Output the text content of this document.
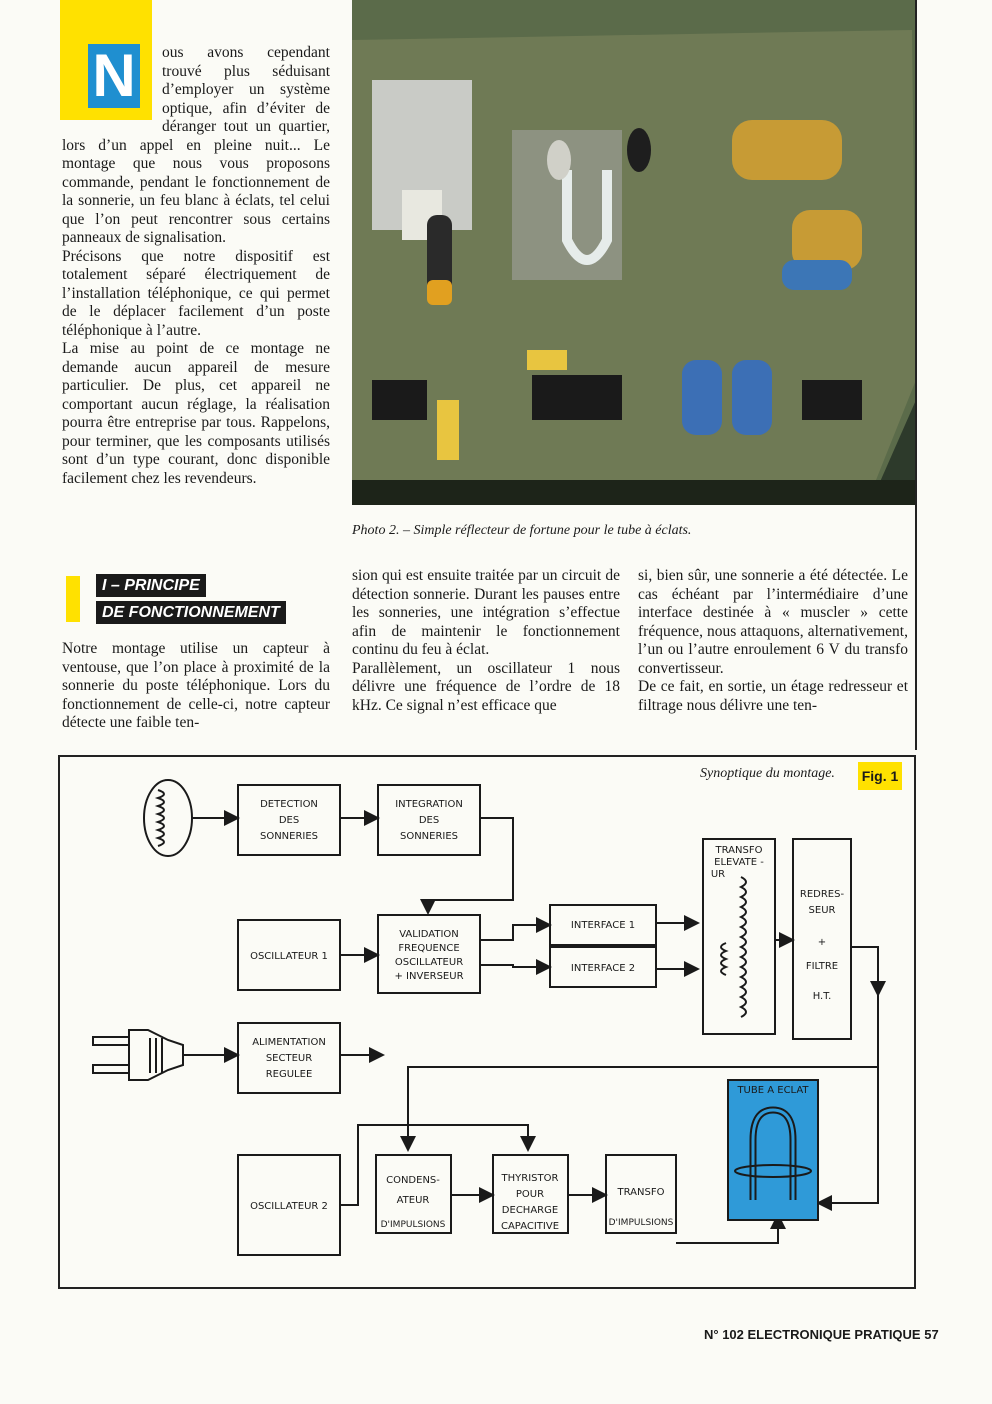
N ous avons cependant trouvé plus séduisant d’employer un système optique, afin d’éviter de déranger tout un quartier, lors d’un appel en pleine nuit... Le montage que nous vous proposons commande, pendant le fonctionnement de la sonnerie, un feu blanc à éclats, tel celui que l’on peut rencontrer sous certains panneaux de signalisation.

Précisons que notre dispositif est totalement séparé électriquement de l’installation téléphonique, ce qui permet de le déplacer facilement d’un poste téléphonique à l’autre.

La mise au point de ce montage ne demande aucun appareil de mesure particulier. De plus, cet appareil ne comportant aucun réglage, la réalisation pourra être entreprise par tous. Rappelons, pour terminer, que les composants utilisés sont d’un type courant, donc disponible facilement chez les revendeurs.

Photo 2. – Simple réflecteur de fortune pour le tube à éclats.
I – PRINCIPE
DE FONCTIONNEMENT

Notre montage utilise un capteur à ventouse, que l’on place à proximité de la sonnerie du poste téléphonique. Lors du fonctionnement de celle-ci, notre capteur détecte une faible ten-

sion qui est ensuite traitée par un circuit de détection sonnerie. Durant les pauses entre les sonneries, une intégration s’effectue afin de maintenir le fonctionnement continu du feu à éclat.

Parallèlement, un oscillateur 1 nous délivre une fréquence de l’ordre de 18 kHz. Ce signal n’est efficace que

si, bien sûr, une sonnerie a été détectée. Le cas échéant par l’intermédiaire d’une interface destinée à « muscler » cette fréquence, nous attaquons, alternativement, l’un ou l’autre enroulement 6 V du transfo convertisseur.

De ce fait, en sortie, un étage redresseur et filtrage nous délivre une ten-

Synoptique du montage. Fig. 1
DETECTION
DES
SONNERIES
INTEGRATION
DES
SONNERIES
OSCILLATEUR 1
VALIDATION
FREQUENCE
OSCILLATEUR
+ INVERSEUR
INTERFACE 1
INTERFACE 2
TRANSFO
ELEVATE -
UR
REDRES-
SEUR
+
FILTRE
H.T.
ALIMENTATION
SECTEUR
REGULEE
OSCILLATEUR 2
CONDENS-
ATEUR
D'IMPULSIONS
THYRISTOR
POUR
DECHARGE
CAPACITIVE
TRANSFO
D'IMPULSIONS
TUBE A ECLAT
N° 102 ELECTRONIQUE PRATIQUE 57
